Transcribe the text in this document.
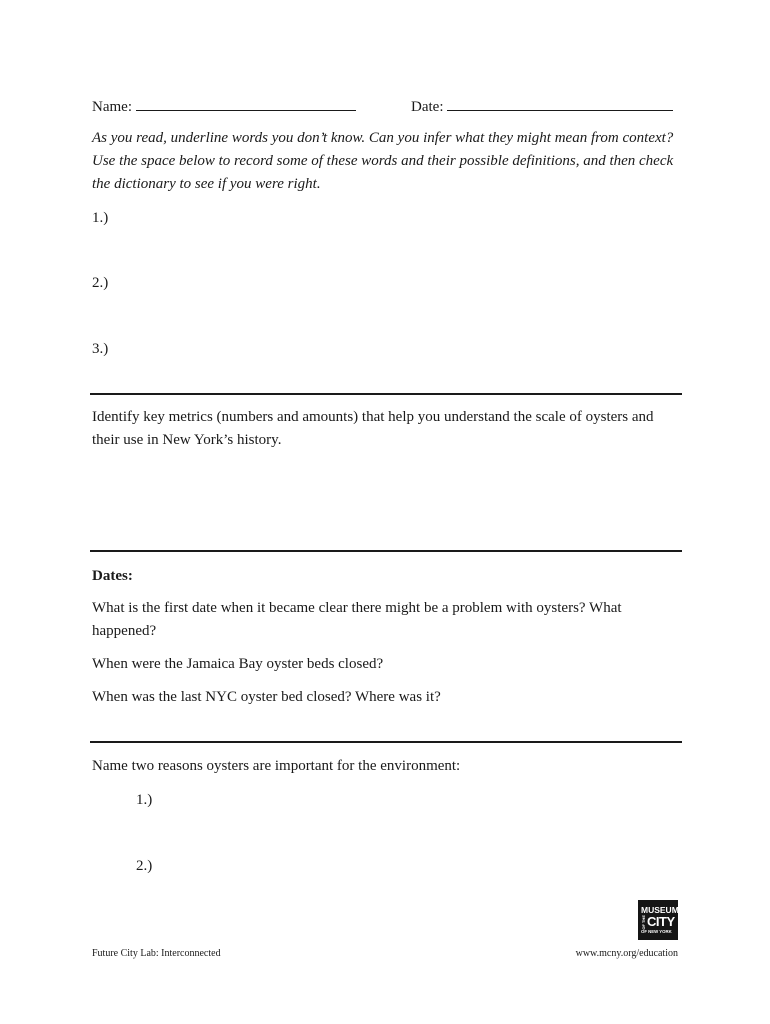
Name:	Date:
As you read, underline words you don’t know. Can you infer what they might mean from context? Use the space below to record some of these words and their possible definitions, and then check the dictionary to see if you were right.
1.)
2.)
3.)
Identify key metrics (numbers and amounts) that help you understand the scale of oysters and their use in New York’s history.
Dates:
What is the first date when it became clear there might be a problem with oysters? What happened?
When were the Jamaica Bay oyster beds closed?
When was the last NYC oyster bed closed? Where was it?
Name two reasons oysters are important for the environment:
1.)
2.)
MUSEUM
OF THE CITY
OF NEW YORK
Future City Lab: Interconnected	www.mcny.org/education
